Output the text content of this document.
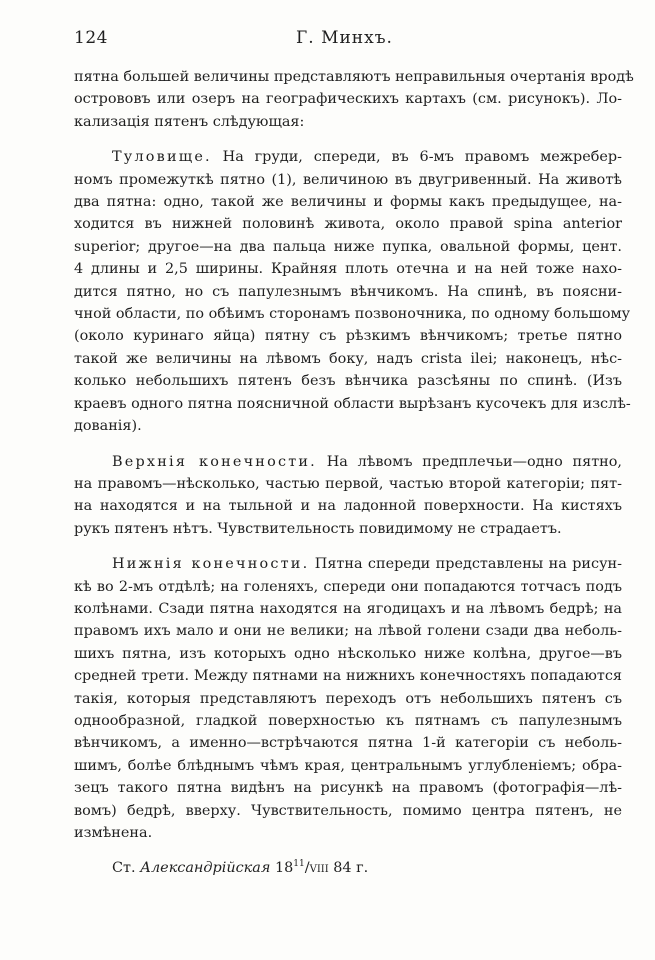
124	Г. Минхъ.
пятна большей величины представляютъ неправильныя очертанія вродѣ
острововъ или озеръ на географическихъ картахъ (см. рисунокъ). Ло-
кализація пятенъ слѣдующая:
Туловище. На груди, спереди, въ 6-мъ правомъ межребер-
номъ промежуткѣ пятно (1), величиною въ двугривенный. На животѣ
два пятна: одно, такой же величины и формы какъ предыдущее, на-
ходится въ нижней половинѣ живота, около правой spina anterior
superior; другое—на два пальца ниже пупка, овальной формы, цент.
4 длины и 2,5 ширины. Крайняя плоть отечна и на ней тоже нахо-
дится пятно, но съ папулезнымъ вѣнчикомъ. На спинѣ, въ поясни-
чной области, по обѣимъ сторонамъ позвоночника, по одному большому
(около куринаго яйца) пятну съ рѣзкимъ вѣнчикомъ; третье пятно
такой же величины на лѣвомъ боку, надъ crista ilei; наконецъ, нѣс-
колько небольшихъ пятенъ безъ вѣнчика разсѣяны по спинѣ. (Изъ
краевъ одного пятна поясничной области вырѣзанъ кусочекъ для изслѣ-
дованія).
Верхнія конечности. На лѣвомъ предплечьи—одно пятно,
на правомъ—нѣсколько, частью первой, частью второй категоріи; пят-
на находятся и на тыльной и на ладонной поверхности. На кистяхъ
рукъ пятенъ нѣтъ. Чувствительность повидимому не страдаетъ.
Нижнія конечности. Пятна спереди представлены на рисун-
кѣ во 2-мъ отдѣлѣ; на голеняхъ, спереди они попадаются тотчасъ подъ
колѣнами. Сзади пятна находятся на ягодицахъ и на лѣвомъ бедрѣ; на
правомъ ихъ мало и они не велики; на лѣвой голени сзади два неболь-
шихъ пятна, изъ которыхъ одно нѣсколько ниже колѣна, другое—въ
средней трети. Между пятнами на нижнихъ конечностяхъ попадаются
такія, которыя представляютъ переходъ отъ небольшихъ пятенъ съ
однообразной, гладкой поверхностью къ пятнамъ съ папулезнымъ
вѣнчикомъ, а именно—встрѣчаются пятна 1-й категоріи съ неболь-
шимъ, болѣе блѣднымъ чѣмъ края, центральнымъ углубленіемъ; обра-
зецъ такого пятна видѣнъ на рисункѣ на правомъ (фотографія—лѣ-
вомъ) бедрѣ, вверху. Чувствительность, помимо центра пятенъ, не
измѣнена.
Ст. Александрійская $18^{11}$/VIII 84 г.
